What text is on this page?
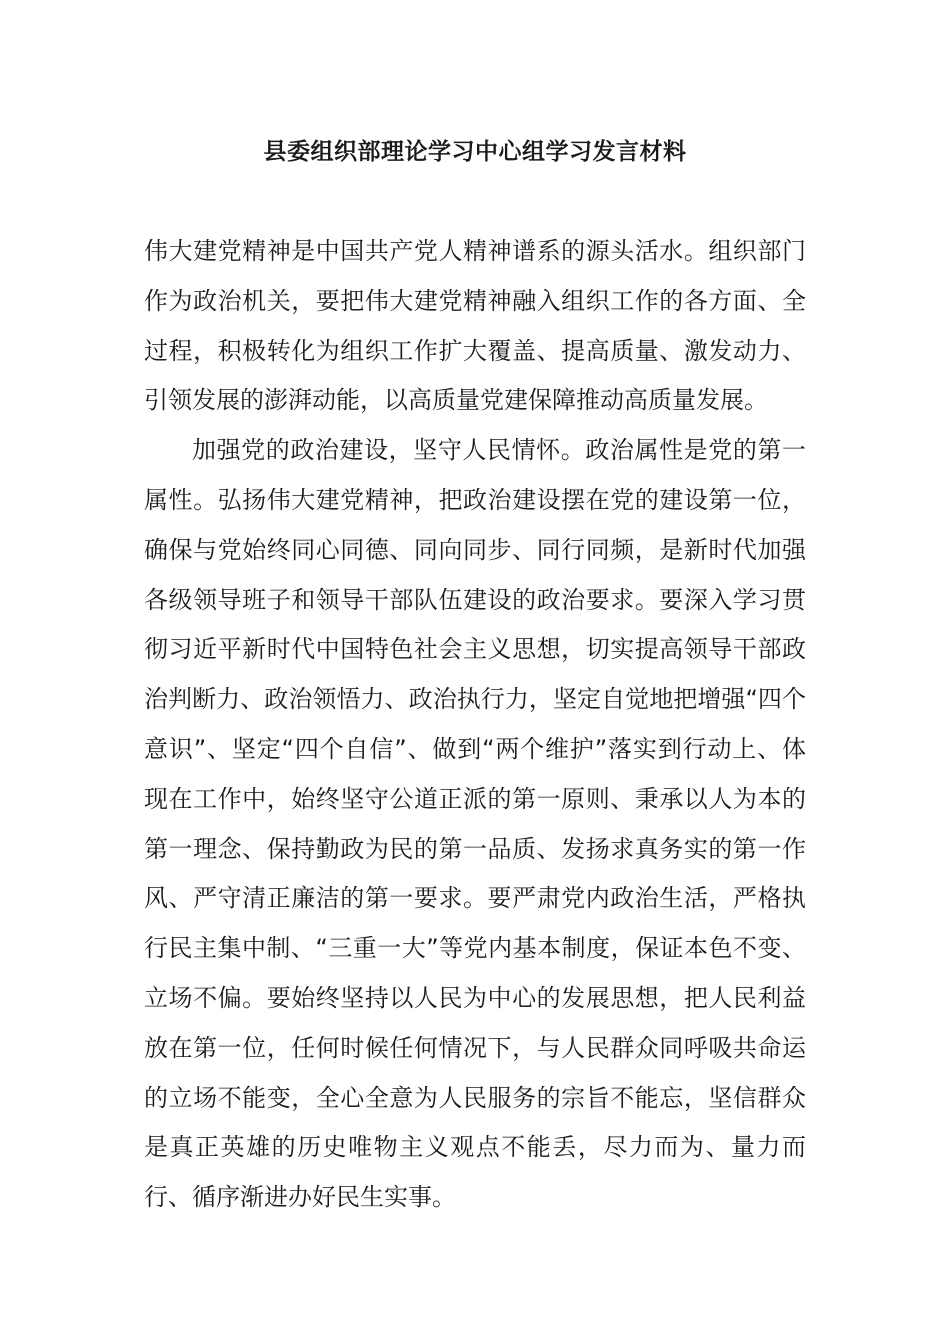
县委组织部理论学习中心组学习发言材料

伟大建党精神是中国共产党人精神谱系的源头活水。组织部门作为政治机关，要把伟大建党精神融入组织工作的各方面、全过程，积极转化为组织工作扩大覆盖、提高质量、激发动力、引领发展的澎湃动能，以高质量党建保障推动高质量发展。

加强党的政治建设，坚守人民情怀。政治属性是党的第一属性。弘扬伟大建党精神，把政治建设摆在党的建设第一位，确保与党始终同心同德、同向同步、同行同频，是新时代加强各级领导班子和领导干部队伍建设的政治要求。要深入学习贯彻习近平新时代中国特色社会主义思想，切实提高领导干部政治判断力、政治领悟力、政治执行力，坚定自觉地把增强“四个意识”、坚定“四个自信”、做到“两个维护”落实到行动上、体现在工作中，始终坚守公道正派的第一原则、秉承以人为本的第一理念、保持勤政为民的第一品质、发扬求真务实的第一作风、严守清正廉洁的第一要求。要严肃党内政治生活，严格执行民主集中制、“三重一大”等党内基本制度，保证本色不变、立场不偏。要始终坚持以人民为中心的发展思想，把人民利益放在第一位，任何时候任何情况下，与人民群众同呼吸共命运的立场不能变，全心全意为人民服务的宗旨不能忘，坚信群众是真正英雄的历史唯物主义观点不能丢，尽力而为、量力而行、循序渐进办好民生实事。
